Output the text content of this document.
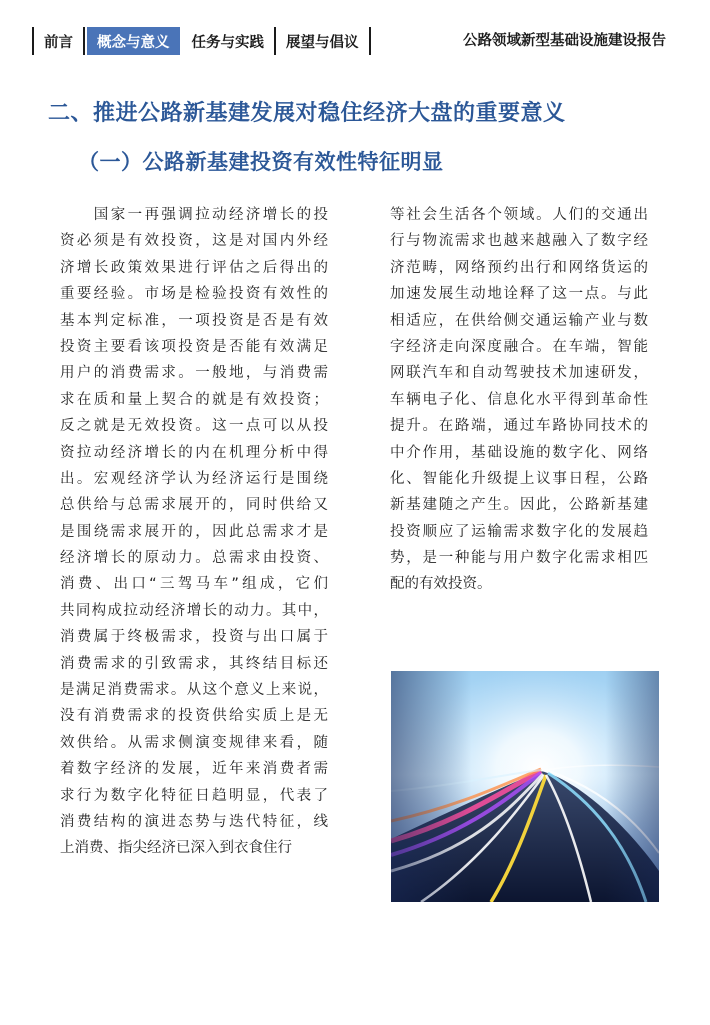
前言	概念与意义	任务与实践	展望与倡议	公路领域新型基础设施建设报告
二、推进公路新基建发展对稳住经济大盘的重要意义
（一）公路新基建投资有效性特征明显
　　国家一再强调拉动经济增长的投
资必须是有效投资，这是对国内外经
济增长政策效果进行评估之后得出的
重要经验。市场是检验投资有效性的
基本判定标准，一项投资是否是有效
投资主要看该项投资是否能有效满足
用户的消费需求。一般地，与消费需
求在质和量上契合的就是有效投资；
反之就是无效投资。这一点可以从投
资拉动经济增长的内在机理分析中得
出。宏观经济学认为经济运行是围绕
总供给与总需求展开的，同时供给又
是围绕需求展开的，因此总需求才是
经济增长的原动力。总需求由投资、
消费、出口“三驾马车”组成，它们
共同构成拉动经济增长的动力。其中，
消费属于终极需求，投资与出口属于
消费需求的引致需求，其终结目标还
是满足消费需求。从这个意义上来说，
没有消费需求的投资供给实质上是无
效供给。从需求侧演变规律来看，随
着数字经济的发展，近年来消费者需
求行为数字化特征日趋明显，代表了
消费结构的演进态势与迭代特征，线
上消费、指尖经济已深入到衣食住行
等社会生活各个领域。人们的交通出
行与物流需求也越来越融入了数字经
济范畴，网络预约出行和网络货运的
加速发展生动地诠释了这一点。与此
相适应，在供给侧交通运输产业与数
字经济走向深度融合。在车端，智能
网联汽车和自动驾驶技术加速研发，
车辆电子化、信息化水平得到革命性
提升。在路端，通过车路协同技术的
中介作用，基础设施的数字化、网络
化、智能化升级提上议事日程，公路
新基建随之产生。因此，公路新基建
投资顺应了运输需求数字化的发展趋
势，是一种能与用户数字化需求相匹
配的有效投资。
